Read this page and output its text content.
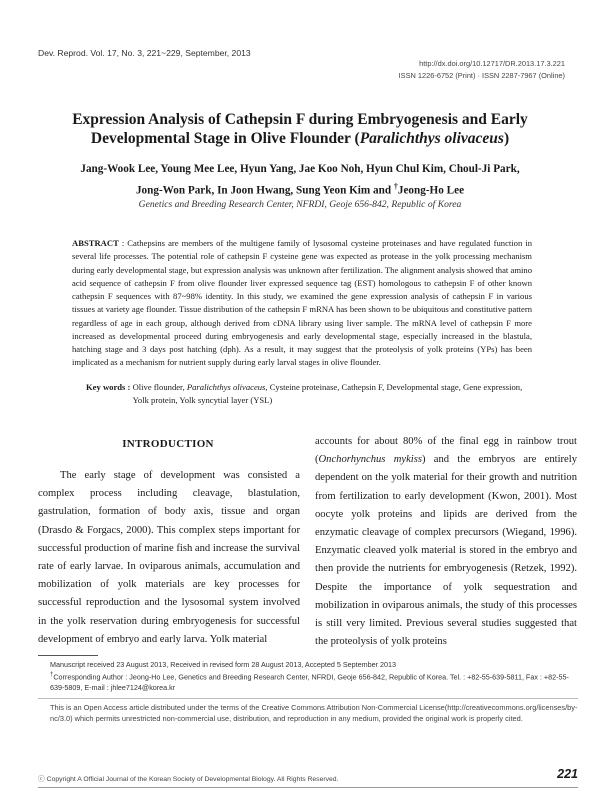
Dev. Reprod. Vol. 17, No. 3, 221~229, September, 2013
http://dx.doi.org/10.12717/DR.2013.17.3.221
ISSN 1226-6752 (Print) · ISSN 2287-7967 (Online)
Expression Analysis of Cathepsin F during Embryogenesis and Early
Developmental Stage in Olive Flounder (Paralichthys olivaceus)
Jang-Wook Lee, Young Mee Lee, Hyun Yang, Jae Koo Noh, Hyun Chul Kim, Choul-Ji Park,
Jong-Won Park, In Joon Hwang, Sung Yeon Kim and †Jeong-Ho Lee
Genetics and Breeding Research Center, NFRDI, Geoje 656-842, Republic of Korea
ABSTRACT : Cathepsins are members of the multigene family of lysosomal cysteine proteinases and have regulated function in several life processes. The potential role of cathepsin F cysteine gene was expected as protease in the yolk processing mechanism during early developmental stage, but expression analysis was unknown after fertilization. The alignment analysis showed that amino acid sequence of cathepsin F from olive flounder liver expressed sequence tag (EST) homologous to cathepsin F of other known cathepsin F sequences with 87~98% identity. In this study, we examined the gene expression analysis of cathepsin F in various tissues at variety age flounder. Tissue distribution of the cathepsin F mRNA has been shown to be ubiquitous and constitutive pattern regardless of age in each group, although derived from cDNA library using liver sample. The mRNA level of cathepsin F more increased as developmental proceed during embryogenesis and early developmental stage, especially increased in the blastula, hatching stage and 3 days post hatching (dph). As a result, it may suggest that the proteolysis of yolk proteins (YPs) has been implicated as a mechanism for nutrient supply during early larval stages in olive flounder.
Key words : Olive flounder, Paralichthys olivaceus, Cysteine proteinase, Cathepsin F, Developmental stage, Gene expression, Yolk protein, Yolk syncytial layer (YSL)
INTRODUCTION

The early stage of development was consisted a complex process including cleavage, blastulation, gastrulation, formation of body axis, tissue and organ (Drasdo & Forgacs, 2000). This complex steps important for successful production of marine fish and increase the survival rate of early larvae. In oviparous animals, accumulation and mobilization of yolk materials are key processes for successful reproduction and the lysosomal system involved in the yolk reservation during embryogenesis for successful development of embryo and early larva. Yolk material

accounts for about 80% of the final egg in rainbow trout (Onchorhynchus mykiss) and the embryos are entirely dependent on the yolk material for their growth and nutrition from fertilization to early development (Kwon, 2001). Most oocyte yolk proteins and lipids are derived from the enzymatic cleavage of complex precursors (Wiegand, 1996). Enzymatic cleaved yolk material is stored in the embryo and then provide the nutrients for embryogenesis (Retzek, 1992). Despite the importance of yolk sequestration and mobilization in oviparous animals, the study of this processes is still very limited. Previous several studies suggested that the proteolysis of yolk proteins
Manuscript received 23 August 2013, Received in revised form 28 August 2013, Accepted 5 September 2013
†Corresponding Author : Jeong-Ho Lee, Genetics and Breeding Research Center, NFRDI, Geoje 656-842, Republic of Korea. Tel. : +82-55-639-5811, Fax : +82-55-639-5809, E-mail : jhlee7124@korea.kr
This is an Open Access article distributed under the terms of the Creative Commons Attribution Non-Commercial License(http://creativecommons.org/licenses/by-nc/3.0) which permits unrestricted non-commercial use, distribution, and reproduction in any medium, provided the original work is properly cited.
ⓒ Copyright A Official Journal of the Korean Society of Developmental Biology. All Rights Reserved.	221
